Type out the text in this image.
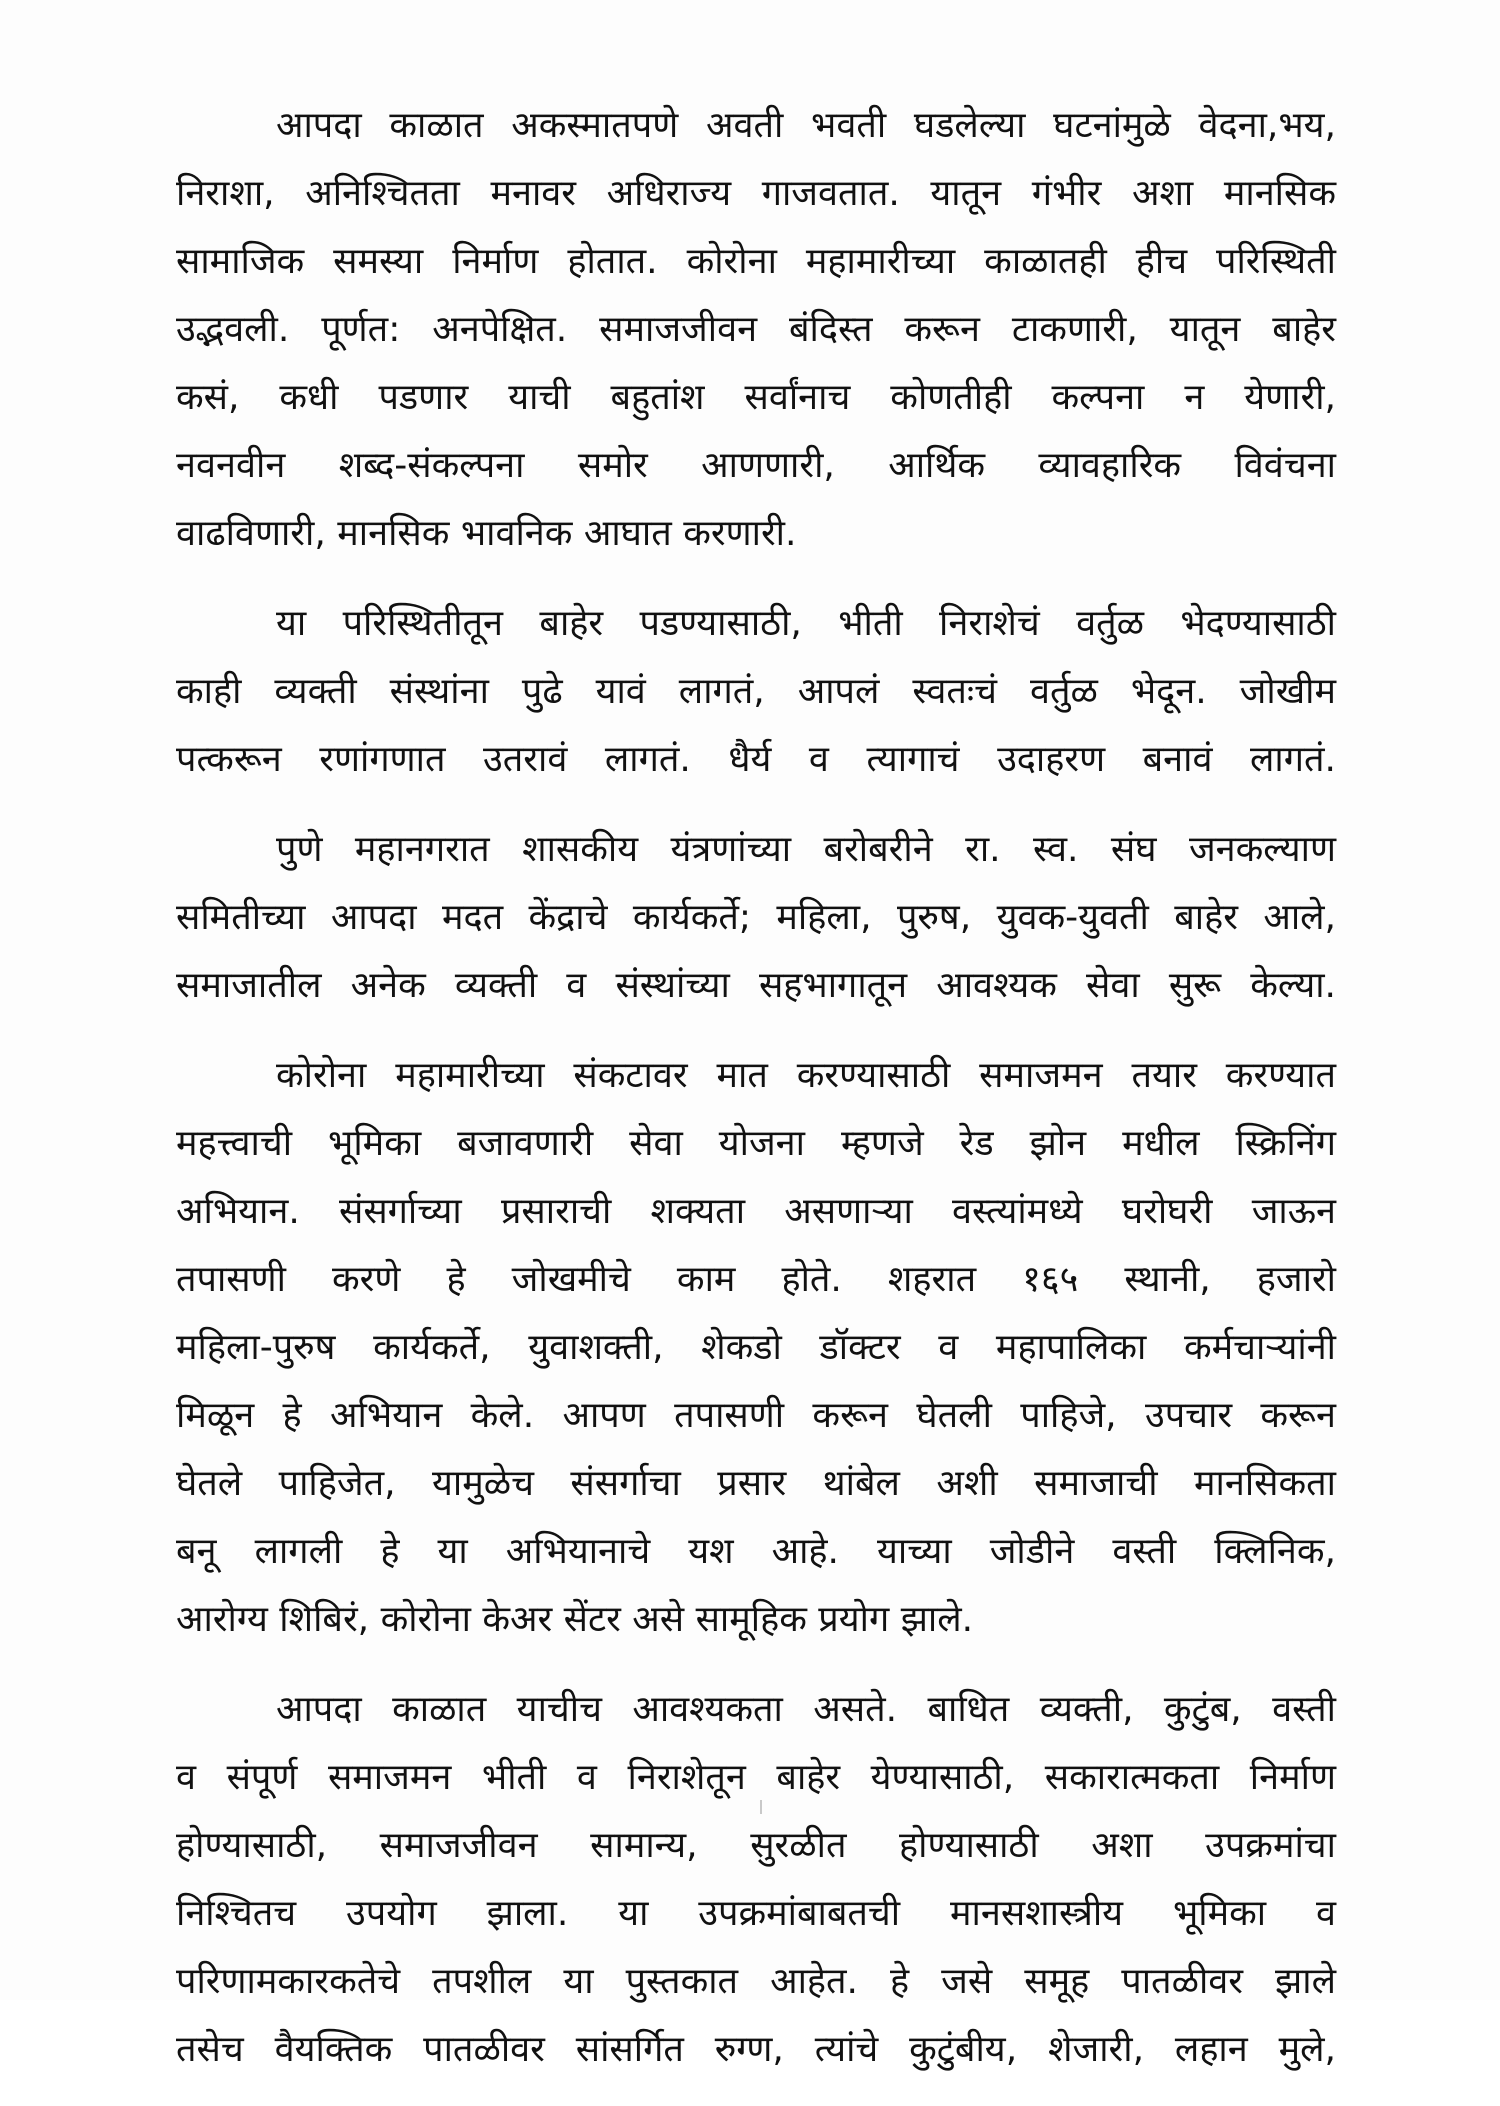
आपदा काळात अकस्मातपणे अवती भवती घडलेल्या घटनांमुळे वेदना,भय,
निराशा, अनिश्चितता मनावर अधिराज्य गाजवतात. यातून गंभीर अशा मानसिक
सामाजिक समस्या निर्माण होतात. कोरोना महामारीच्या काळातही हीच परिस्थिती
उद्भवली. पूर्णत: अनपेक्षित. समाजजीवन बंदिस्त करून टाकणारी, यातून बाहेर
कसं, कधी पडणार याची बहुतांश सर्वांनाच कोणतीही कल्पना न येणारी,
नवनवीन शब्द-संकल्पना समोर आणणारी, आर्थिक व्यावहारिक विवंचना
वाढविणारी, मानसिक भावनिक आघात करणारी.

या परिस्थितीतून बाहेर पडण्यासाठी, भीती निराशेचं वर्तुळ भेदण्यासाठी
काही व्यक्ती संस्थांना पुढे यावं लागतं, आपलं स्वतःचं वर्तुळ भेदून. जोखीम
पत्करून रणांगणात उतरावं लागतं. धैर्य व त्यागाचं उदाहरण बनावं लागतं.

पुणे महानगरात शासकीय यंत्रणांच्या बरोबरीने रा. स्व. संघ जनकल्याण
समितीच्या आपदा मदत केंद्राचे कार्यकर्ते; महिला, पुरुष, युवक-युवती बाहेर आले,
समाजातील अनेक व्यक्ती व संस्थांच्या सहभागातून आवश्यक सेवा सुरू केल्या.

कोरोना महामारीच्या संकटावर मात करण्यासाठी समाजमन तयार करण्यात
महत्त्वाची भूमिका बजावणारी सेवा योजना म्हणजे रेड झोन मधील स्क्रिनिंग
अभियान. संसर्गाच्या प्रसाराची शक्यता असणाऱ्या वस्त्यांमध्ये घरोघरी जाऊन
तपासणी करणे हे जोखमीचे काम होते. शहरात १६५ स्थानी, हजारो
महिला-पुरुष कार्यकर्ते, युवाशक्ती, शेकडो डॉक्टर व महापालिका कर्मचाऱ्यांनी
मिळून हे अभियान केले. आपण तपासणी करून घेतली पाहिजे, उपचार करून
घेतले पाहिजेत, यामुळेच संसर्गाचा प्रसार थांबेल अशी समाजाची मानसिकता
बनू लागली हे या अभियानाचे यश आहे. याच्या जोडीने वस्ती क्लिनिक,
आरोग्य शिबिरं, कोरोना केअर सेंटर असे सामूहिक प्रयोग झाले.

आपदा काळात याचीच आवश्यकता असते. बाधित व्यक्ती, कुटुंब, वस्ती
व संपूर्ण समाजमन भीती व निराशेतून बाहेर येण्यासाठी, सकारात्मकता निर्माण
होण्यासाठी, समाजजीवन सामान्य, सुरळीत होण्यासाठी अशा उपक्रमांचा
निश्चितच उपयोग झाला. या उपक्रमांबाबतची मानसशास्त्रीय भूमिका व
परिणामकारकतेचे तपशील या पुस्तकात आहेत. हे जसे समूह पातळीवर झाले
तसेच वैयक्तिक पातळीवर सांसर्गित रुग्ण, त्यांचे कुटुंबीय, शेजारी, लहान मुले,
